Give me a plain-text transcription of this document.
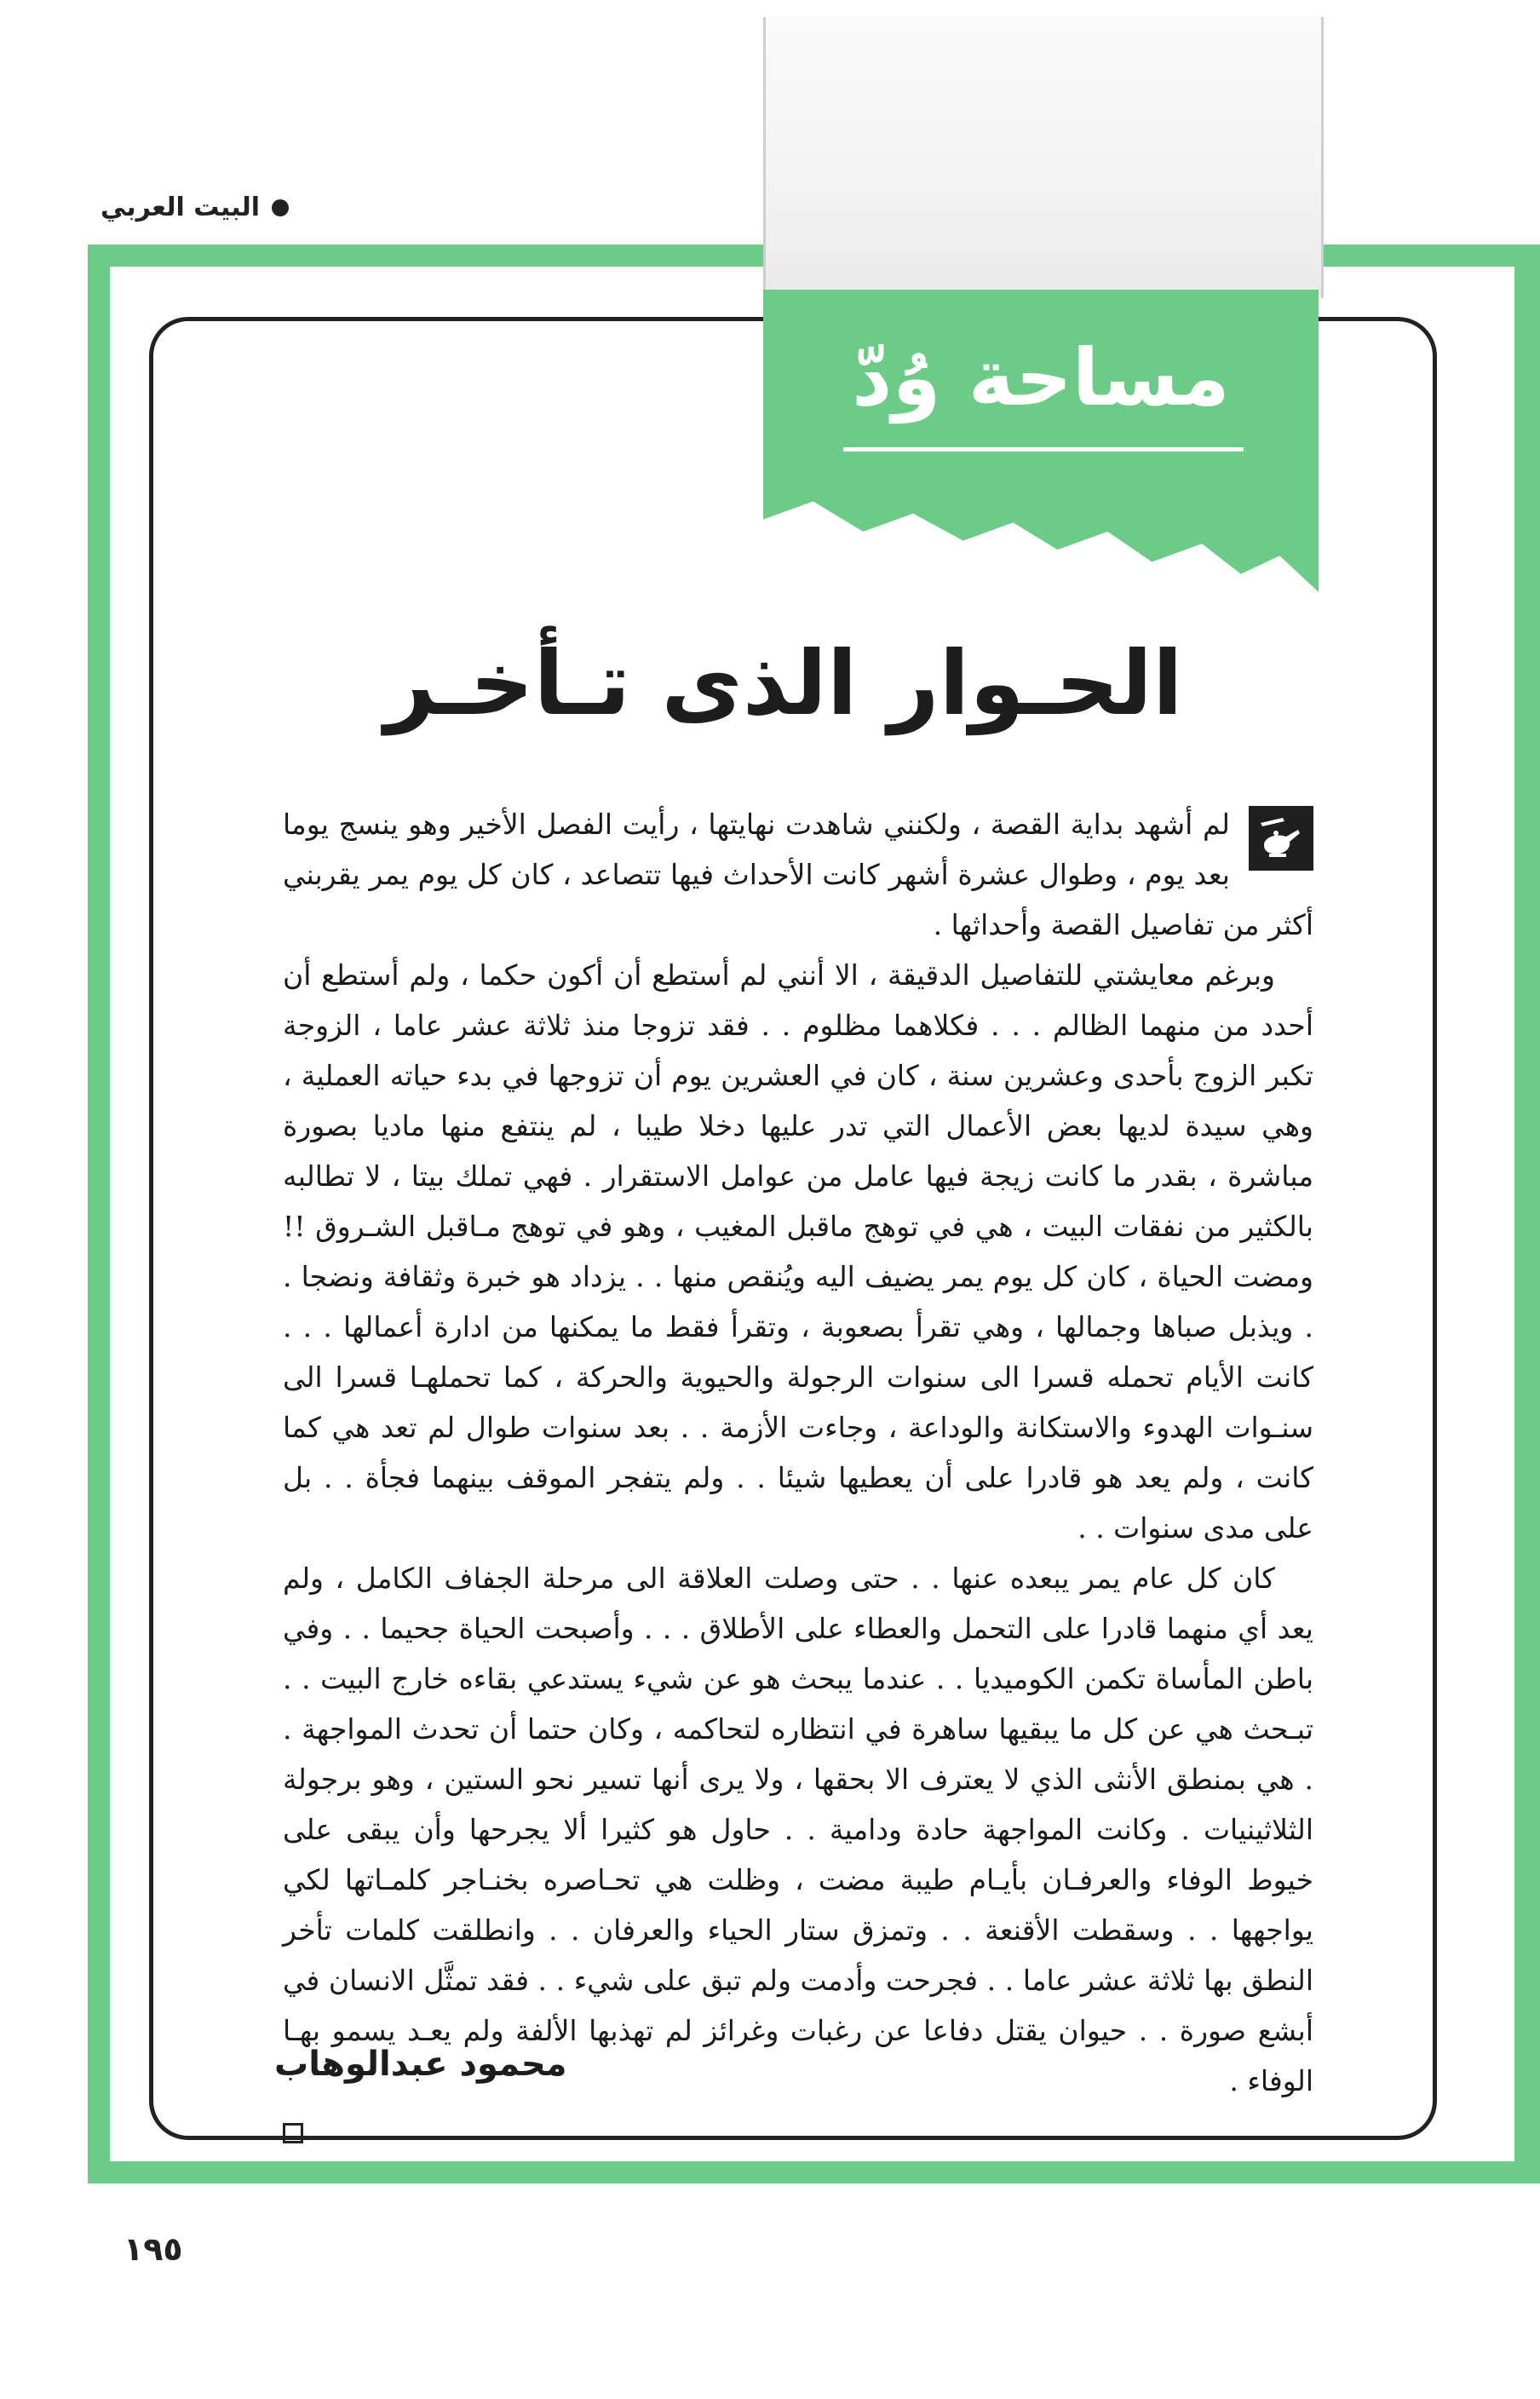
البيت العربي
مساحة وُدّ
الحـوار الذى تـأخـر

لم أشهد بداية القصة ، ولكنني شاهدت نهايتها ، رأيت الفصل الأخير وهو ينسج يوما بعد يوم ، وطوال عشرة أشهر كانت الأحداث فيها تتصاعد ، كان كل يوم يمر يقربني أكثر من تفاصيل القصة وأحداثها .

وبرغم معايشتي للتفاصيل الدقيقة ، الا أنني لم أستطع أن أكون حكما ، ولم أستطع أن أحدد من منهما الظالم . . . فكلاهما مظلوم . . فقد تزوجا منذ ثلاثة عشر عاما ، الزوجة تكبر الزوج بأحدى وعشرين سنة ، كان في العشرين يوم أن تزوجها في بدء حياته العملية ، وهي سيدة لديها بعض الأعمال التي تدر عليها دخلا طيبا ، لم ينتفع منها ماديا بصورة مباشرة ، بقدر ما كانت زيجة فيها عامل من عوامل الاستقرار . فهي تملك بيتا ، لا تطالبه بالكثير من نفقات البيت ، هي في توهج ماقبل المغيب ، وهو في توهج مـاقبل الشـروق !! ومضت الحياة ، كان كل يوم يمر يضيف اليه ويُنقص منها . . يزداد هو خبرة وثقافة ونضجا . . ويذبل صباها وجمالها ، وهي تقرأ بصعوبة ، وتقرأ فقط ما يمكنها من ادارة أعمالها . . . كانت الأيام تحمله قسرا الى سنوات الرجولة والحيوية والحركة ، كما تحملهـا قسرا الى سنـوات الهدوء والاستكانة والوداعة ، وجاءت الأزمة . . بعد سنوات طوال لم تعد هي كما كانت ، ولم يعد هو قادرا على أن يعطيها شيئا . . ولم يتفجر الموقف بينهما فجأة . . بل على مدى سنوات . .

كان كل عام يمر يبعده عنها . . حتى وصلت العلاقة الى مرحلة الجفاف الكامل ، ولم يعد أي منهما قادرا على التحمل والعطاء على الأطلاق . . . وأصبحت الحياة جحيما . . وفي باطن المأساة تكمن الكوميديا . . عندما يبحث هو عن شيء يستدعي بقاءه خارج البيت . . تبـحث هي عن كل ما يبقيها ساهرة في انتظاره لتحاكمه ، وكان حتما أن تحدث المواجهة . . هي بمنطق الأنثى الذي لا يعترف الا بحقها ، ولا يرى أنها تسير نحو الستين ، وهو برجولة الثلاثينيات . وكانت المواجهة حادة ودامية . . حاول هو كثيرا ألا يجرحها وأن يبقى على خيوط الوفاء والعرفـان بأيـام طيبة مضت ، وظلت هي تحـاصره بخنـاجر كلمـاتها لكي يواجهها . . وسقطت الأقنعة . . وتمزق ستار الحياء والعرفان . . وانطلقت كلمات تأخر النطق بها ثلاثة عشر عاما . . فجرحت وأدمت ولم تبق على شيء . . فقد تمثَّل الانسان في أبشع صورة . . حيوان يقتل دفاعا عن رغبات وغرائز لم تهذبها الألفة ولم يعـد يسمو بهـا الوفاء .

محمود عبدالوهاب
١٩٥
